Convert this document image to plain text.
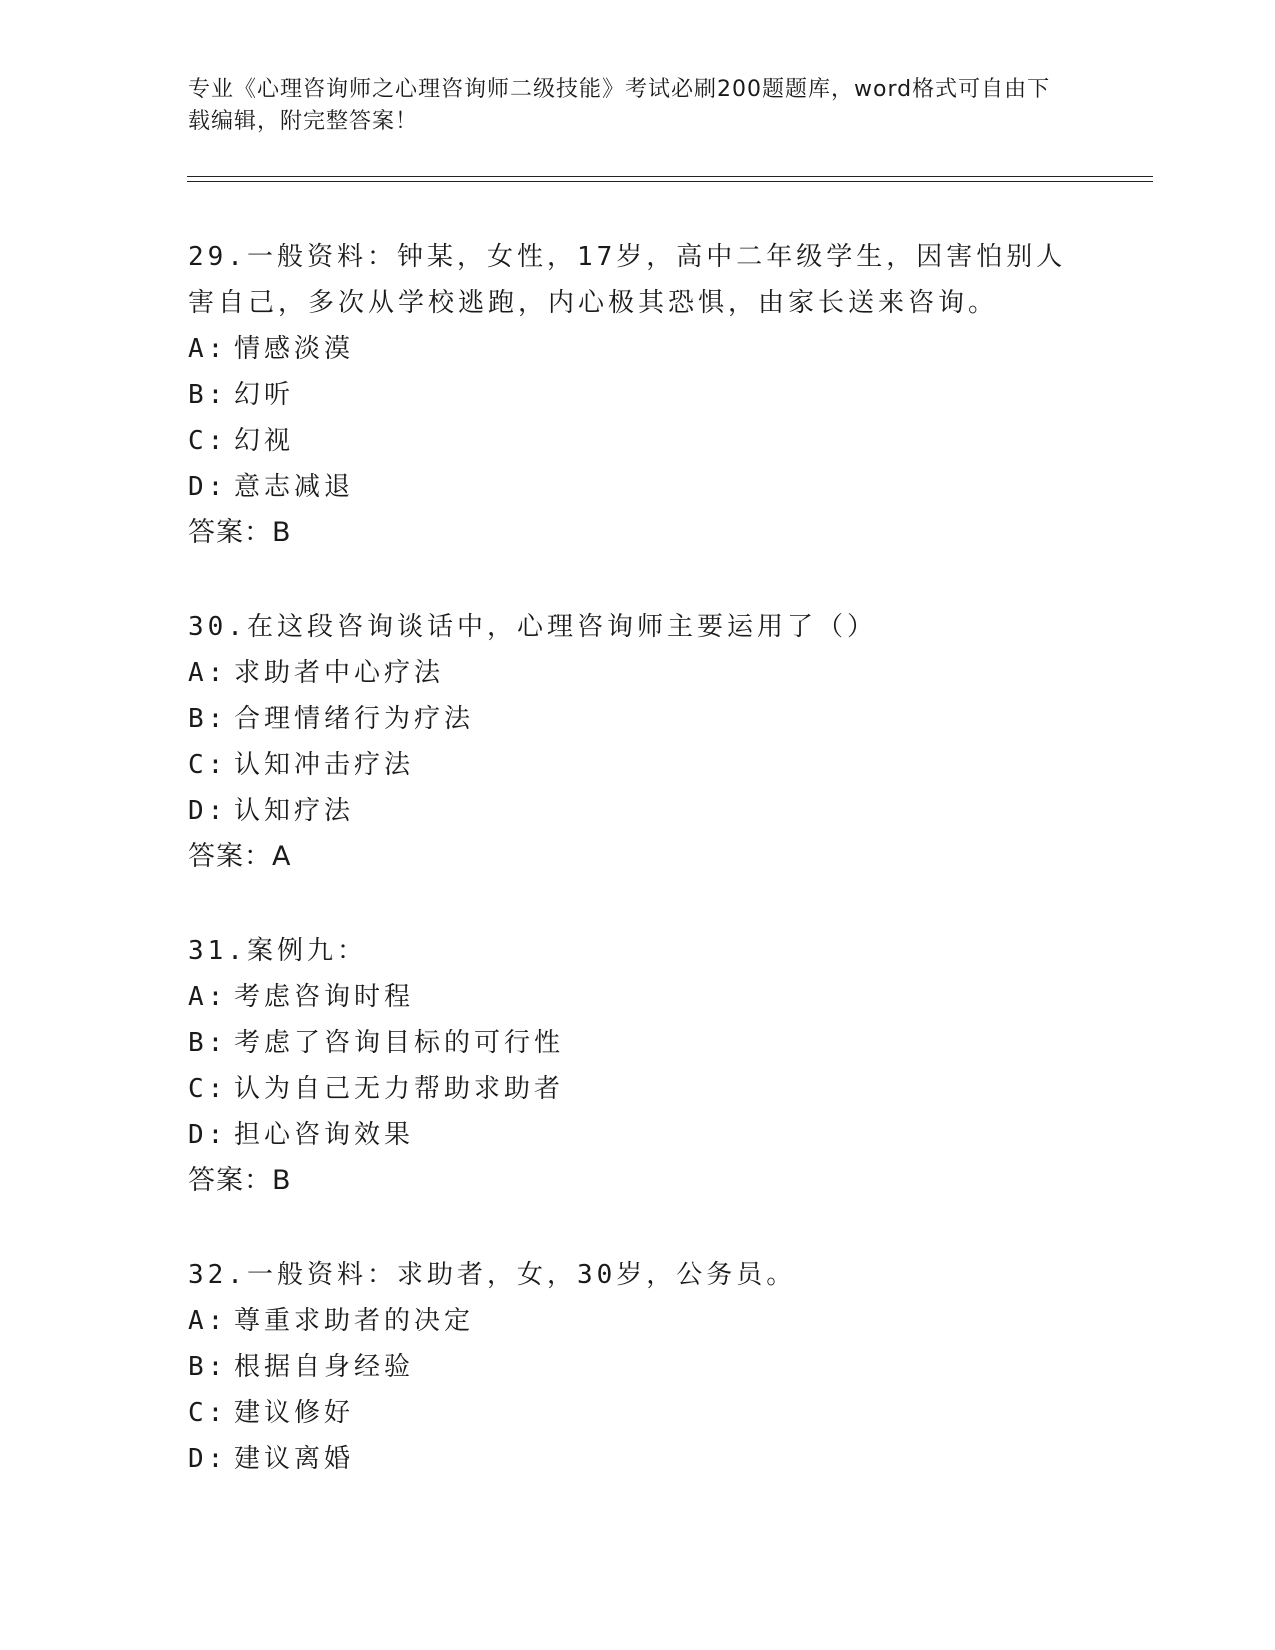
专业《心理咨询师之心理咨询师二级技能》考试必刷200题题库，word格式可自由下载编辑，附完整答案！

29.一般资料：钟某，女性，17岁，高中二年级学生，因害怕别人害自己，多次从学校逃跑，内心极其恐惧，由家长送来咨询。

A: 情感淡漠
B: 幻听
C: 幻视
D: 意志减退

答案：B

30.在这段咨询谈话中，心理咨询师主要运用了（）

A: 求助者中心疗法
B: 合理情绪行为疗法
C: 认知冲击疗法
D: 认知疗法

答案：A

31.案例九：

A: 考虑咨询时程
B: 考虑了咨询目标的可行性
C: 认为自己无力帮助求助者
D: 担心咨询效果

答案：B

32.一般资料：求助者，女，30岁，公务员。

A: 尊重求助者的决定
B: 根据自身经验
C: 建议修好
D: 建议离婚
